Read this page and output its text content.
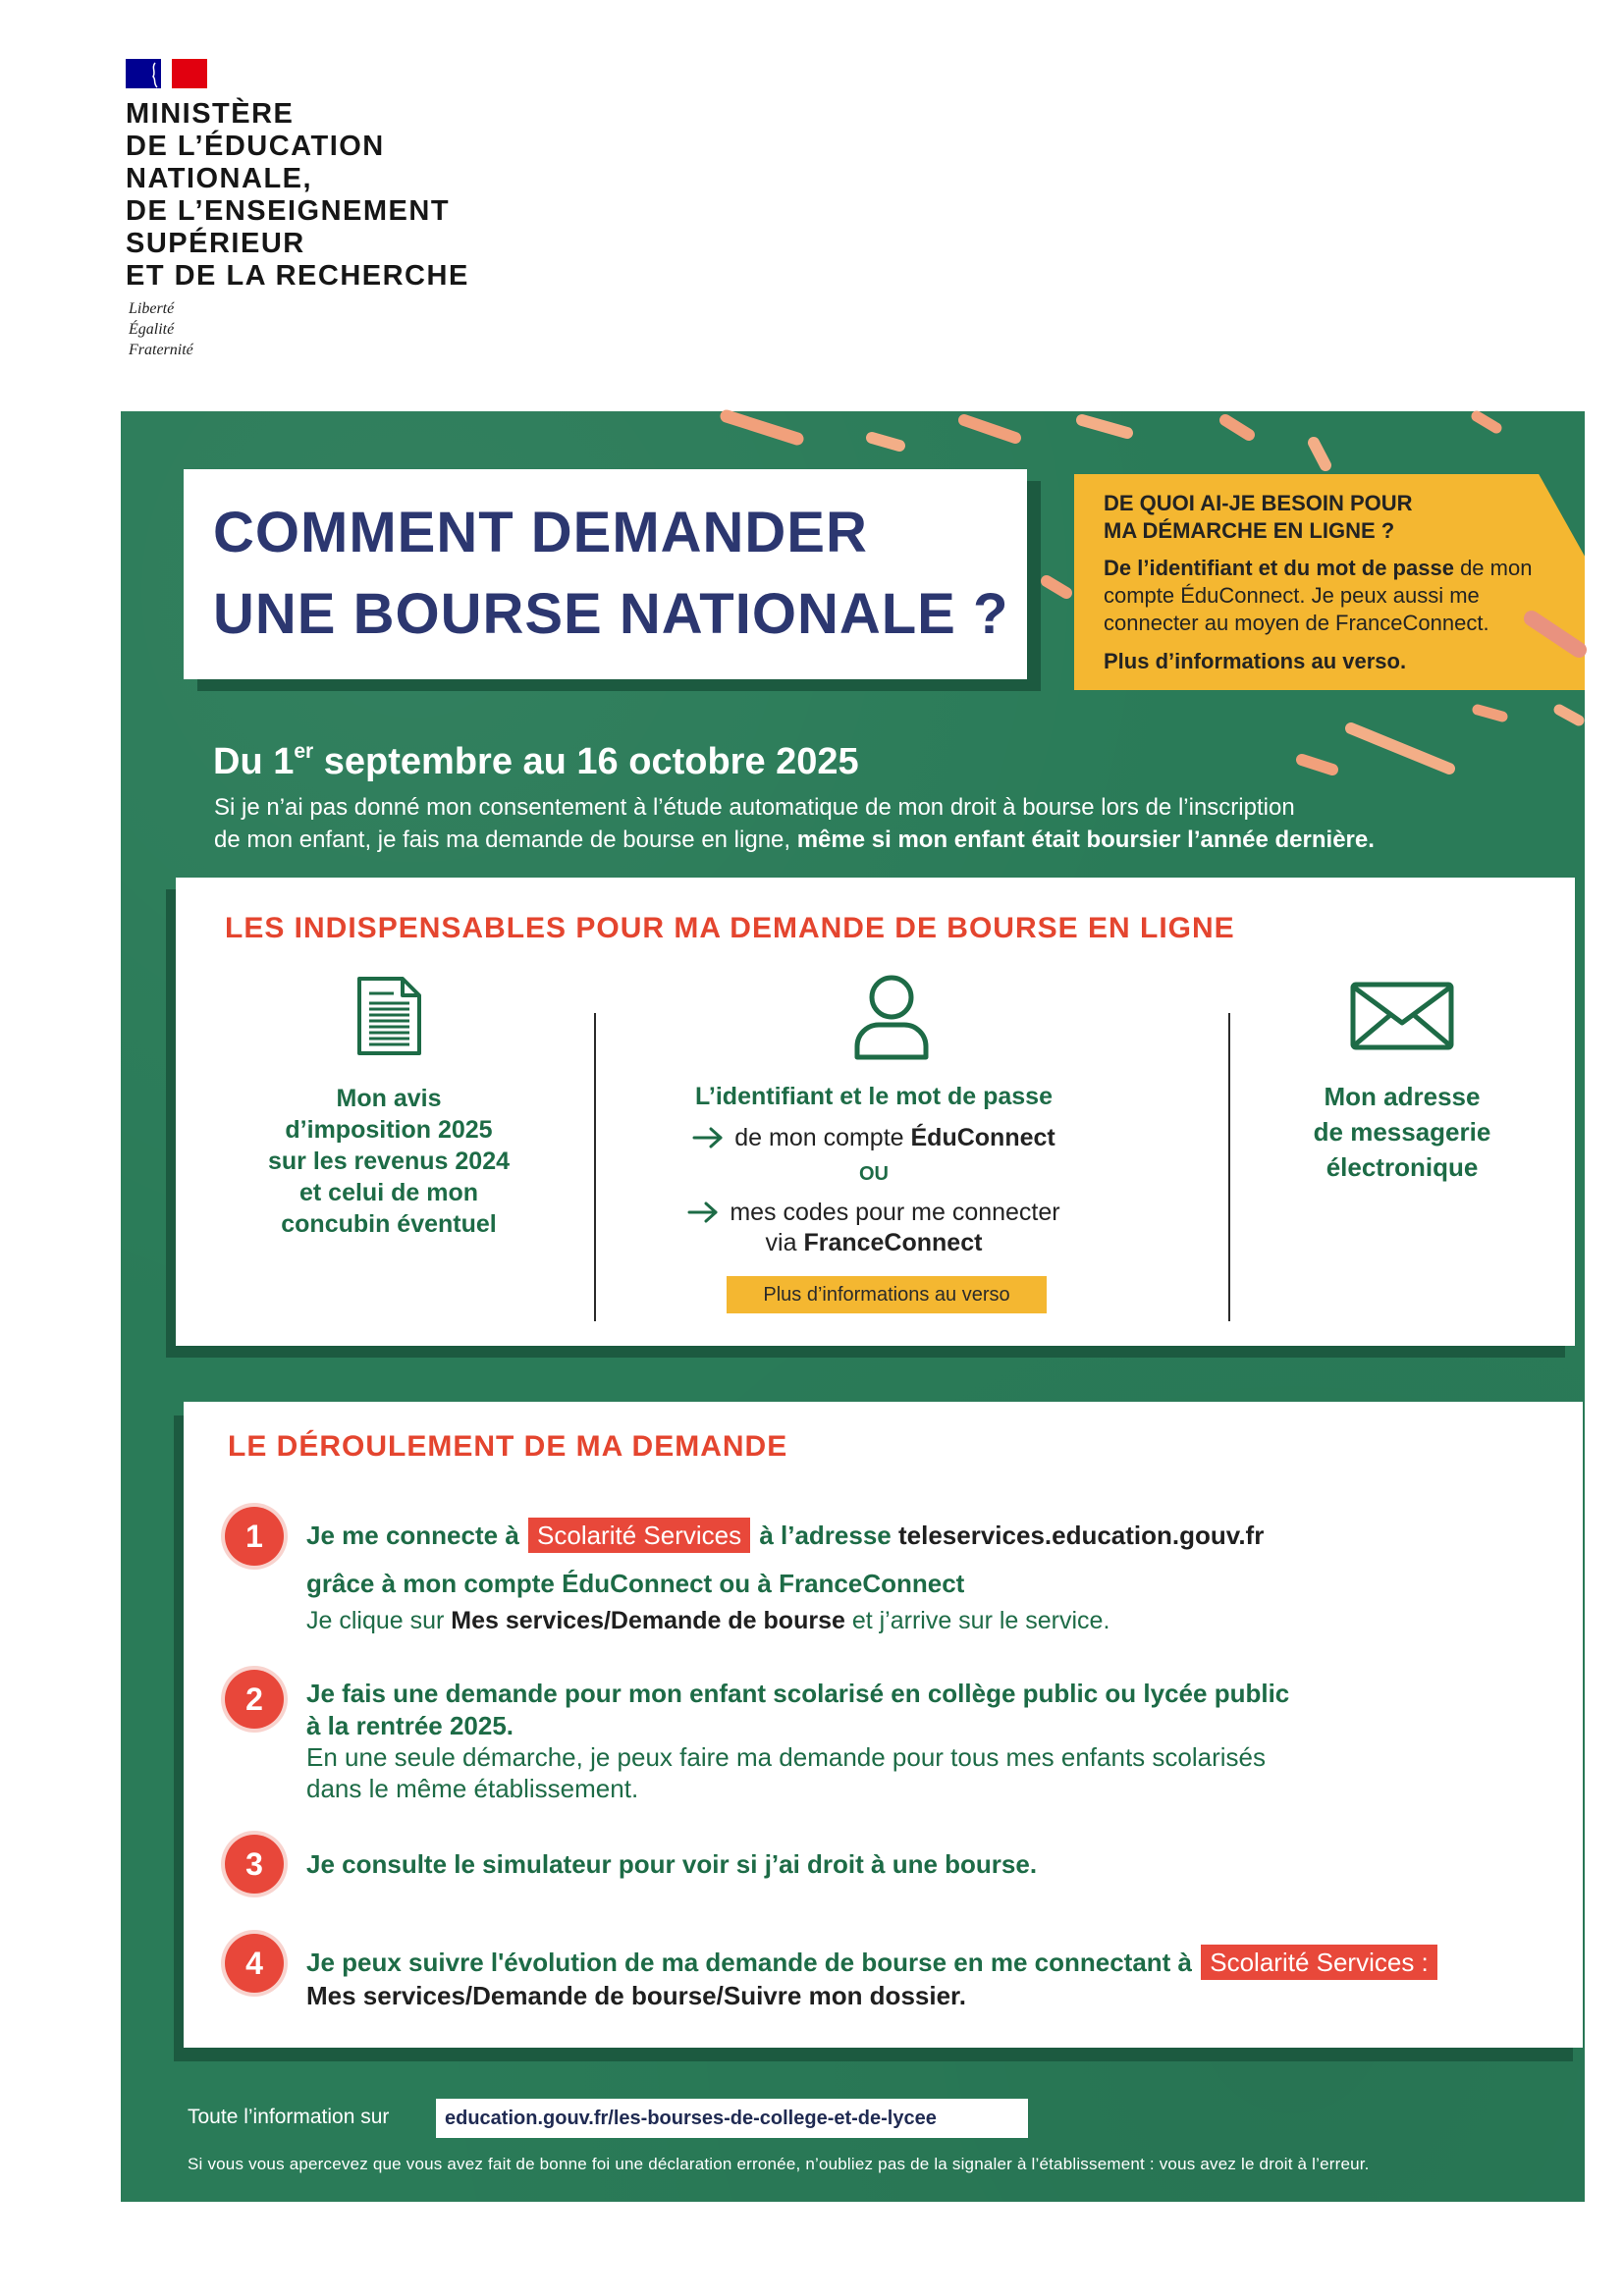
MINISTÈRE
DE L’ÉDUCATION
NATIONALE,
DE L’ENSEIGNEMENT
SUPÉRIEUR
ET DE LA RECHERCHE
Liberté
Égalité
Fraternité
COMMENT DEMANDER
UNE BOURSE NATIONALE ?
DE QUOI AI-JE BESOIN POUR
MA DÉMARCHE EN LIGNE ?
De l’identifiant et du mot de passe de mon
compte ÉduConnect. Je peux aussi me
connecter au moyen de FranceConnect.
Plus d’informations au verso.
Du 1er septembre au 16 octobre 2025
Si je n’ai pas donné mon consentement à l’étude automatique de mon droit à bourse lors de l’inscription
de mon enfant, je fais ma demande de bourse en ligne, même si mon enfant était boursier l’année dernière.
LES INDISPENSABLES POUR MA DEMANDE DE BOURSE EN LIGNE
Mon avis
d’imposition 2025
sur les revenus 2024
et celui de mon
concubin éventuel
L’identifiant et le mot de passe
de mon compte ÉduConnect
OU
mes codes pour me connecter
via FranceConnect
Plus d’informations au verso
Mon adresse
de messagerie
électronique
LE DÉROULEMENT DE MA DEMANDE
1	Je me connecte à Scolarité Services à l’adresse teleservices.education.gouv.fr
grâce à mon compte ÉduConnect ou à FranceConnect
Je clique sur Mes services/Demande de bourse et j’arrive sur le service.
2	Je fais une demande pour mon enfant scolarisé en collège public ou lycée public
à la rentrée 2025.
En une seule démarche, je peux faire ma demande pour tous mes enfants scolarisés
dans le même établissement.
3	Je consulte le simulateur pour voir si j’ai droit à une bourse.
4	Je peux suivre l'évolution de ma demande de bourse en me connectant à Scolarité Services :
Mes services/Demande de bourse/Suivre mon dossier.
Toute l’information sur	education.gouv.fr/les-bourses-de-college-et-de-lycee
Si vous vous apercevez que vous avez fait de bonne foi une déclaration erronée, n’oubliez pas de la signaler à l’établissement : vous avez le droit à l’erreur.
